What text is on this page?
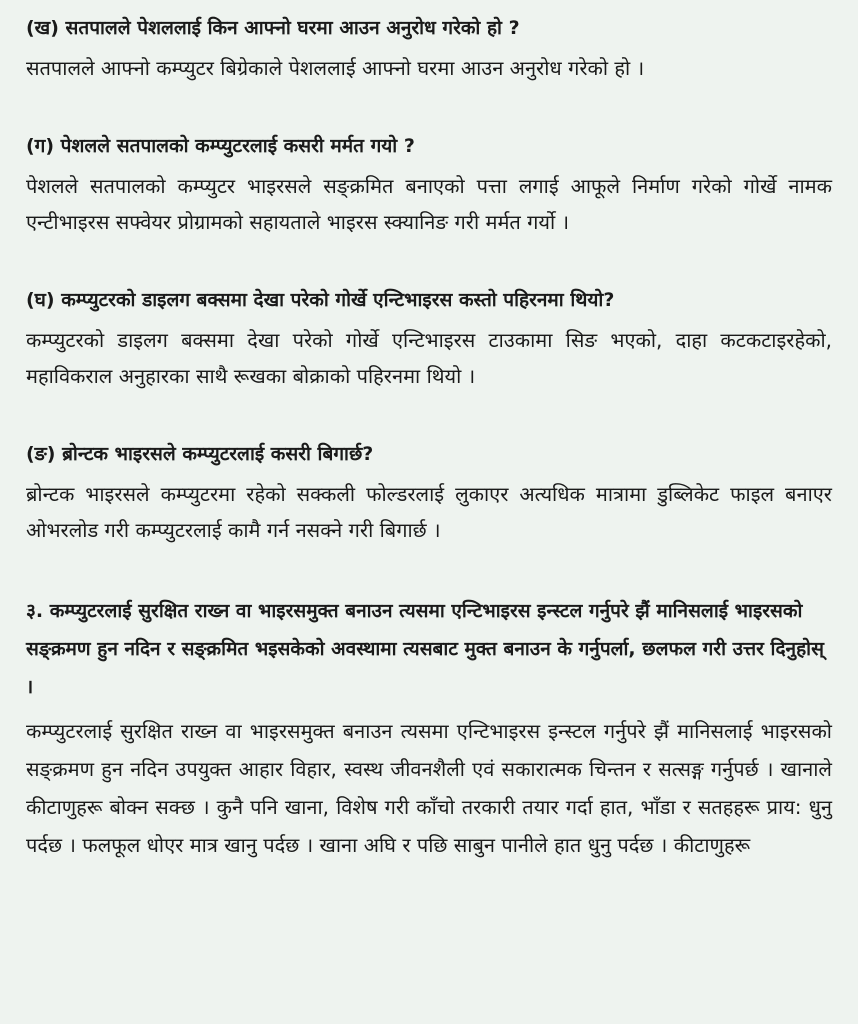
(ख) सतपालले पेशललाई किन आफ्नो घरमा आउन अनुरोध गरेको हो ?

सतपालले आफ्नो कम्प्युटर बिग्रेकाले पेशललाई आफ्नो घरमा आउन अनुरोध गरेको हो ।

(ग) पेशलले सतपालको कम्प्युटरलाई कसरी मर्मत गयो ?

पेशलले सतपालको कम्प्युटर भाइरसले सङ्क्रमित बनाएको पत्ता लगाई आफूले निर्माण गरेको गोर्खे नामक एन्टीभाइरस सफ्वेयर प्रोग्रामको सहायताले भाइरस स्क्यानिङ गरी मर्मत गर्यो ।

(घ) कम्प्युटरको डाइलग बक्समा देखा परेको गोर्खे एन्टिभाइरस कस्तो पहिरनमा थियो?

कम्प्युटरको डाइलग बक्समा देखा परेको गोर्खे एन्टिभाइरस टाउकामा सिङ भएको, दाहा कटकटाइरहेको, महाविकराल अनुहारका साथै रूखका बोक्राको पहिरनमा थियो ।

(ङ) ब्रोन्टक भाइरसले कम्प्युटरलाई कसरी बिगार्छ?

ब्रोन्टक भाइरसले कम्प्युटरमा रहेको सक्कली फोल्डरलाई लुकाएर अत्यधिक मात्रामा डुब्लिकेट फाइल बनाएर ओभरलोड गरी कम्प्युटरलाई कामै गर्न नसक्ने गरी बिगार्छ ।

३. कम्प्युटरलाई सुरक्षित राख्न वा भाइरसमुक्त बनाउन त्यसमा एन्टिभाइरस इन्स्टल गर्नुपरे झैं मानिसलाई भाइरसको सङ्क्रमण हुन नदिन र सङ्क्रमित भइसकेको अवस्थामा त्यसबाट मुक्त बनाउन के गर्नुपर्ला, छलफल गरी उत्तर दिनुहोस् ।

कम्प्युटरलाई सुरक्षित राख्न वा भाइरसमुक्त बनाउन त्यसमा एन्टिभाइरस इन्स्टल गर्नुपरे झैं मानिसलाई भाइरसको सङ्क्रमण हुन नदिन उपयुक्त आहार विहार, स्वस्थ जीवनशैली एवं सकारात्मक चिन्तन र सत्सङ्ग गर्नुपर्छ । खानाले कीटाणुहरू बोक्न सक्छ । कुनै पनि खाना, विशेष गरी काँचो तरकारी तयार गर्दा हात, भाँडा र सतहहरू प्राय: धुनु पर्दछ । फलफूल धोएर मात्र खानु पर्दछ । खाना अघि र पछि साबुन पानीले हात धुनु पर्दछ । कीटाणुहरू
